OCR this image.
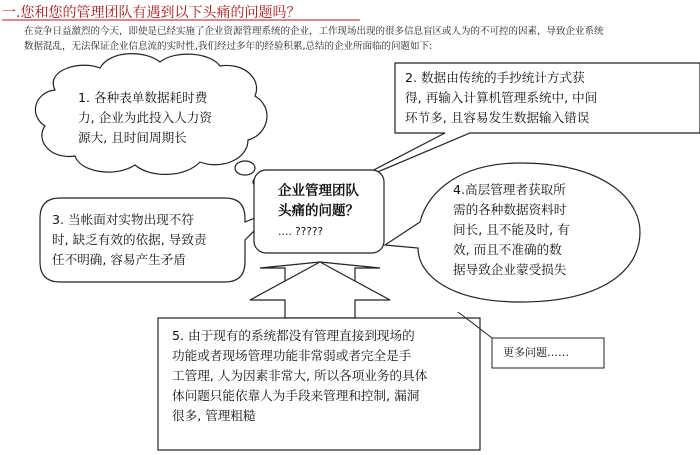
一.您和您的管理团队有遇到以下头痛的问题吗？
在竞争日益激烈的今天，即使是已经实施了企业资源管理系统的企业，工作现场出现的很多信息盲区或人为的不可控的因素，导致企业系统
数据混乱，无法保证企业信息流的实时性,我们经过多年的经验积累,总结的企业所面临的问题如下:
1. 各种表单数据耗时费
力, 企业为此投入人力资
源大, 且时间周期长
2. 数据由传统的手抄统计方式获
得, 再输入计算机管理系统中, 中间
环节多, 且容易发生数据输入错误
企业管理团队
头痛的问题？
…. ?????
3. 当帐面对实物出现不符
时, 缺乏有效的依据, 导致责
任不明确, 容易产生矛盾
4.高层管理者获取所
需的各种数据资料时
间长, 且不能及时, 有
效, 而且不准确的数
据导致企业蒙受损失
5. 由于现有的系统都没有管理直接到现场的
功能或者现场管理功能非常弱或者完全是手
工管理, 人为因素非常大, 所以各项业务的具体
体问题只能依靠人为手段来管理和控制, 漏洞
很多, 管理粗糙
更多问题……
